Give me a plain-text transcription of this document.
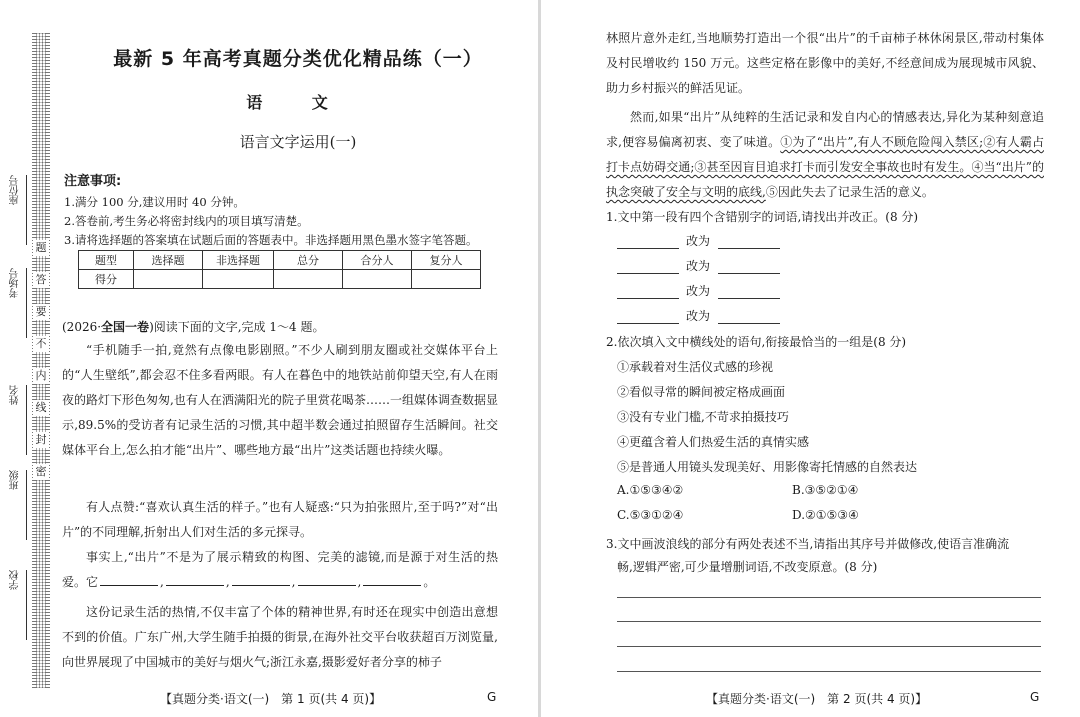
题
答
要
不
内
线
封
密
座位号
考场号
姓名
班级
学校
最新 5 年高考真题分类优化精品练（一）
语 文
语言文字运用(一)
注意事项:
1.满分 100 分,建议用时 40 分钟。
2.答卷前,考生务必将密封线内的项目填写清楚。
3.请将选择题的答案填在试题后面的答题表中。非选择题用黑色墨水签字笔答题。
题型	选择题	非选择题	总分	合分人	复分人
得分					
(2026·全国一卷)阅读下面的文字,完成 1～4 题。
“手机随手一拍,竟然有点像电影剧照。”不少人刷到朋友圈或社交媒体平台上的“人生壁纸”,都会忍不住多看两眼。有人在暮色中的地铁站前仰望天空,有人在雨夜的路灯下形色匆匆,也有人在洒满阳光的院子里赏花喝茶……一组媒体调查数据显示,89.5%的受访者有记录生活的习惯,其中超半数会通过拍照留存生活瞬间。社交媒体平台上,怎么拍才能“出片”、哪些地方最“出片”这类话题也持续火曝。
有人点赞:“喜欢认真生活的样子。”也有人疑惑:“只为拍张照片,至于吗?”对“出片”的不同理解,折射出人们对生活的多元探寻。
事实上,“出片”不是为了展示精致的构图、完美的滤镜,而是源于对生活的热爱。它	,	,	,	,	。
这份记录生活的热情,不仅丰富了个体的精神世界,有时还在现实中创造出意想不到的价值。广东广州,大学生随手拍摄的街景,在海外社交平台收获超百万浏览量,向世界展现了中国城市的美好与烟火气;浙江永嘉,摄影爱好者分享的柿子
【真题分类·语文(一)　第 1 页(共 4 页)】	G
林照片意外走红,当地顺势打造出一个很“出片”的千亩柿子林休闲景区,带动村集体及村民增收约 150 万元。这些定格在影像中的美好,不经意间成为展现城市风貌、助力乡村振兴的鲜活见证。
然而,如果“出片”从纯粹的生活记录和发自内心的情感表达,异化为某种刻意追求,便容易偏离初衷、变了味道。①为了“出片”,有人不顾危险闯入禁区;②有人霸占打卡点妨碍交通;③甚至因盲目追求打卡而引发安全事故也时有发生。④当“出片”的执念突破了安全与文明的底线,⑤因此失去了记录生活的意义。
1.文中第一段有四个含错别字的词语,请找出并改正。(8 分)
改为
改为
改为
改为
2.依次填入文中横线处的语句,衔接最恰当的一组是(8 分)
①承载着对生活仪式感的珍视
②看似寻常的瞬间被定格成画面
③没有专业门槛,不苛求拍摄技巧
④更蕴含着人们热爱生活的真情实感
⑤是普通人用镜头发现美好、用影像寄托情感的自然表达
A.①⑤③④②	B.③⑤②①④
C.⑤③①②④	D.②①⑤③④
3.文中画波浪线的部分有两处表述不当,请指出其序号并做修改,使语言准确流
畅,逻辑严密,可少量增删词语,不改变原意。(8 分)
【真题分类·语文(一)　第 2 页(共 4 页)】	G
